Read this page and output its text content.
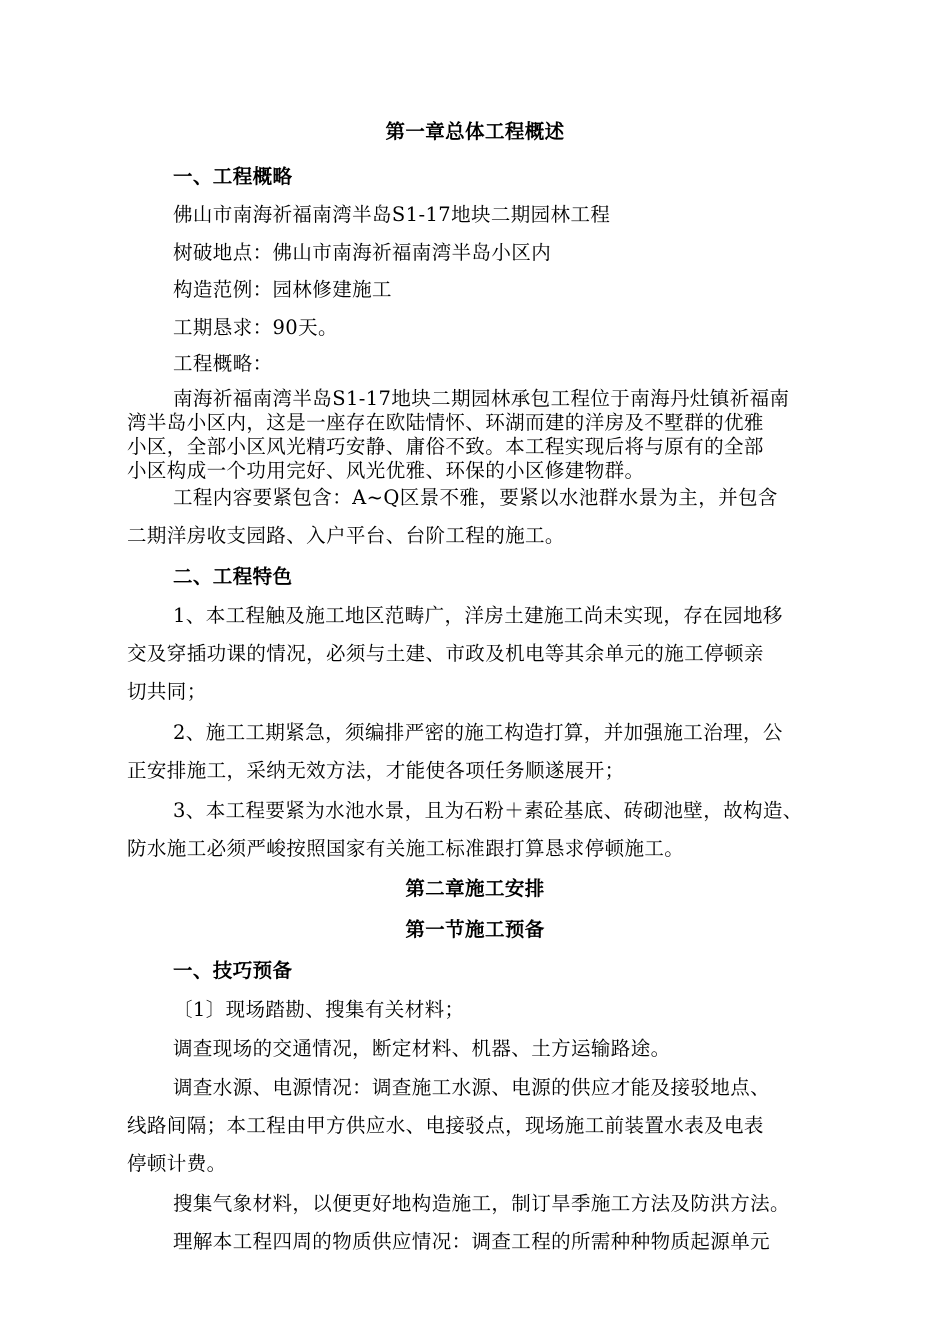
第一章总体工程概述

一、工程概略

佛山市南海祈福南湾半岛S1-17地块二期园林工程

树破地点：佛山市南海祈福南湾半岛小区内

构造范例：园林修建施工

工期恳求：90天。

工程概略：

南海祈福南湾半岛S1-17地块二期园林承包工程位于南海丹灶镇祈福南

湾半岛小区内，这是一座存在欧陆情怀、环湖而建的洋房及不墅群的优雅

小区，全部小区风光精巧安静、庸俗不致。本工程实现后将与原有的全部

小区构成一个功用完好、风光优雅、环保的小区修建物群。

工程内容要紧包含：A~Q区景不雅，要紧以水池群水景为主，并包含

二期洋房收支园路、入户平台、台阶工程的施工。

二、工程特色

1、本工程触及施工地区范畴广，洋房土建施工尚未实现，存在园地移

交及穿插功课的情况，必须与土建、市政及机电等其余单元的施工停顿亲

切共同；

2、施工工期紧急，须编排严密的施工构造打算，并加强施工治理，公

正安排施工，采纳无效方法，才能使各项任务顺遂展开；

3、本工程要紧为水池水景，且为石粉＋素砼基底、砖砌池壁，故构造、

防水施工必须严峻按照国家有关施工标准跟打算恳求停顿施工。

第二章施工安排

第一节施工预备

一、技巧预备

〔1〕现场踏勘、搜集有关材料；

调查现场的交通情况，断定材料、机器、土方运输路途。

调查水源、电源情况：调查施工水源、电源的供应才能及接驳地点、

线路间隔；本工程由甲方供应水、电接驳点，现场施工前装置水表及电表

停顿计费。

搜集气象材料，以便更好地构造施工，制订旱季施工方法及防洪方法。

理解本工程四周的物质供应情况：调查工程的所需种种物质起源单元
